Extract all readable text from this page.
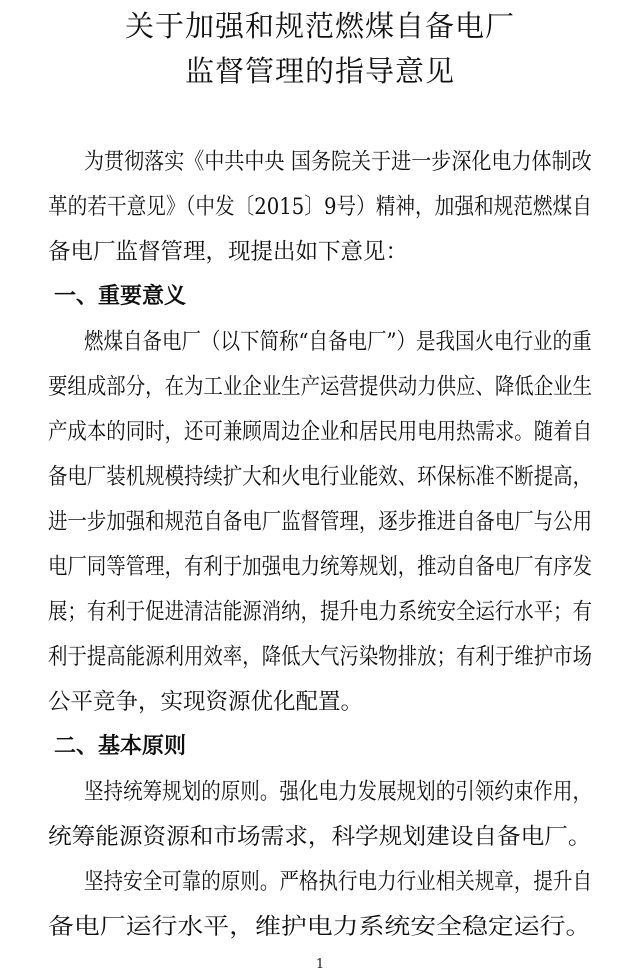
关于加强和规范燃煤自备电厂
监督管理的指导意见
为贯彻落实《中共中央 国务院关于进一步深化电力体制改
革的若干意见》（中发〔2015〕9号）精神，加强和规范燃煤自
备电厂监督管理，现提出如下意见：
一、重要意义
燃煤自备电厂（以下简称“自备电厂”）是我国火电行业的重
要组成部分，在为工业企业生产运营提供动力供应、降低企业生
产成本的同时，还可兼顾周边企业和居民用电用热需求。随着自
备电厂装机规模持续扩大和火电行业能效、环保标准不断提高，
进一步加强和规范自备电厂监督管理，逐步推进自备电厂与公用
电厂同等管理，有利于加强电力统筹规划，推动自备电厂有序发
展；有利于促进清洁能源消纳，提升电力系统安全运行水平；有
利于提高能源利用效率，降低大气污染物排放；有利于维护市场
公平竞争，实现资源优化配置。
二、基本原则
坚持统筹规划的原则。强化电力发展规划的引领约束作用，
统筹能源资源和市场需求，科学规划建设自备电厂。
坚持安全可靠的原则。严格执行电力行业相关规章，提升自
备电厂运行水平，维护电力系统安全稳定运行。
1
